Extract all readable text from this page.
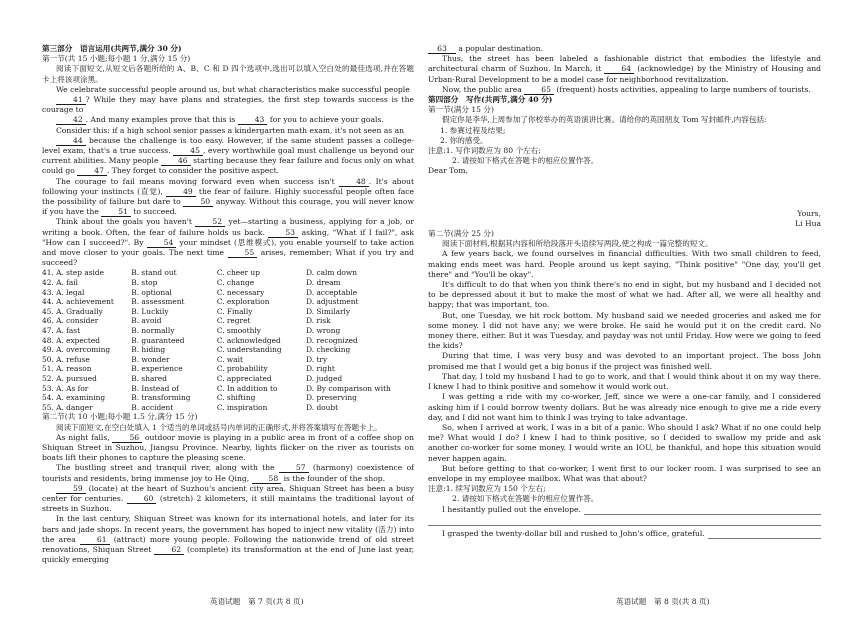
第三部分　语言运用(共两节,满分 30 分)

第一节(共 15 小题;每小题 1 分,满分 15 分)

阅读下面短文,从短文后各题所给的 A、B、C 和 D 四个选项中,选出可以填入空白处的最佳选项,并在答题卡上将该项涂黑。

We celebrate successful people around us, but what characteristics make successful people

41 ? While they may have plans and strategies, the first step towards success is the courage to

42 . And many examples prove that this is 43 for you to achieve your goals.

Consider this: if a high school senior passes a kindergarten math exam, it's not seen as an

44 because the challenge is too easy. However, if the same student passes a college-level exam, that's a true success. 45 , every worthwhile goal must challenge us beyond our current abilities. Many people 46 starting because they fear failure and focus only on what could go 47 . They forget to consider the positive aspect.

The courage to fail means moving forward even when success isn't 48 . It's about following your instincts (直觉), 49 the fear of failure. Highly successful people often face the possibility of failure but dare to 50 anyway. Without this courage, you will never know if you have the 51 to succeed.

Think about the goals you haven't 52 yet—starting a business, applying for a job, or writing a book. Often, the fear of failure holds us back. 53 asking, "What if I fail?", ask "How can I succeed?". By 54 your mindset (思维模式), you enable yourself to take action and move closer to your goals. The next time 55 arises, remember; What if you try and succeed?

41. A. step aside	B. stand out	C. cheer up	D. calm down
42. A. fail	B. stop	C. change	D. dream
43. A. legal	B. optional	C. necessary	D. acceptable
44. A. achievement	B. assessment	C. exploration	D. adjustment
45. A. Gradually	B. Luckily	C. Finally	D. Similarly
46. A. consider	B. avoid	C. regret	D. risk
47. A. fast	B. normally	C. smoothly	D. wrong
48. A. expected	B. guaranteed	C. acknowledged	D. recognized
49. A. overcoming	B. hiding	C. understanding	D. checking
50. A. refuse	B. wonder	C. wait	D. try
51. A. reason	B. experience	C. probability	D. right
52. A. pursued	B. shared	C. appreciated	D. judged
53. A. As for	B. Instead of	C. In addition to	D. By comparison with
54. A. examining	B. transforming	C. shifting	D. preserving
55. A. danger	B. accident	C. inspiration	D. doubt

第二节(共 10 小题;每小题 1.5 分,满分 15 分)

阅读下面短文,在空白处填入 1 个适当的单词或括号内单词的正确形式,并将答案填写在答题卡上。

As night falls, 56 outdoor movie is playing in a public area in front of a coffee shop on Shiquan Street in Suzhou, Jiangsu Province. Nearby, lights flicker on the river as tourists on boats lift their phones to capture the pleasing scene.

The bustling street and tranquil river, along with the 57 (harmony) coexistence of tourists and residents, bring immense joy to He Qing, 58 is the founder of the shop.

59 (locate) at the heart of Suzhou's ancient city area, Shiquan Street has been a busy center for centuries. 60 (stretch) 2 kilometers, it still maintains the traditional layout of streets in Suzhou.

In the last century, Shiquan Street was known for its international hotels, and later for its bars and jade shops. In recent years, the government has hoped to inject new vitality (活力) into the area 61 (attract) more young people. Following the nationwide trend of old street renovations, Shiquan Street 62 (complete) its transformation at the end of June last year, quickly emerging

63 a popular destination.

Thus, the street has been labeled a fashionable district that embodies the lifestyle and architectural charm of Suzhou. In March, it 64 (acknowledge) by the Ministry of Housing and Urban-Rural Development to be a model case for neighborhood revitalization.

Now, the public area 65 (frequent) hosts activities, appealing to large numbers of tourists.

第四部分　写作(共两节,满分 40 分)

第一节(满分 15 分)

假定你是李华,上周参加了你校举办的英语演讲比赛。请给你的英国朋友 Tom 写封邮件,内容包括:

1. 参赛过程及结果;

2. 你的感受。

注意:1. 写作词数应为 80 个左右;

2. 请按如下格式在答题卡的相应位置作答。

Dear Tom,

Yours,

Li Hua

第二节(满分 25 分)

阅读下面材料,根据其内容和所给段落开头语续写两段,使之构成一篇完整的短文。

A few years back, we found ourselves in financial difficulties. With two small children to feed, making ends meet was hard. People around us kept saying, "Think positive" "One day, you'll get there" and "You'll be okay".

It's difficult to do that when you think there's no end in sight, but my husband and I decided not to be depressed about it but to make the most of what we had. After all, we were all healthy and happy; that was important, too.

But, one Tuesday, we hit rock bottom. My husband said we needed groceries and asked me for some money. I did not have any; we were broke. He said he would put it on the credit card. No money there, either. But it was Tuesday, and payday was not until Friday. How were we going to feed the kids?

During that time, I was very busy and was devoted to an important project. The boss John promised me that I would get a big bonus if the project was finished well.

That day, I told my husband I had to go to work, and that I would think about it on my way there. I knew I had to think positive and somehow it would work out.

I was getting a ride with my co-worker, Jeff, since we were a one-car family, and I considered asking him if I could borrow twenty dollars. But he was already nice enough to give me a ride every day, and I did not want him to think I was trying to take advantage.

So, when I arrived at work, I was in a bit of a panic. Who should I ask? What if no one could help me? What would I do? I knew I had to think positive, so I decided to swallow my pride and ask another co-worker for some money. I would write an IOU, be thankful, and hope this situation would never happen again.

But before getting to that co-worker, I went first to our locker room. I was surprised to see an envelope in my employee mailbox. What was that about?

注意:1. 续写词数应为 150 个左右;

2. 请按如下格式在答题卡的相应位置作答。

I hesitantly pulled out the envelope.
I grasped the twenty-dollar bill and rushed to John's office, grateful.
英语试题　第 7 页(共 8 页)	英语试题　第 8 页(共 8 页)
